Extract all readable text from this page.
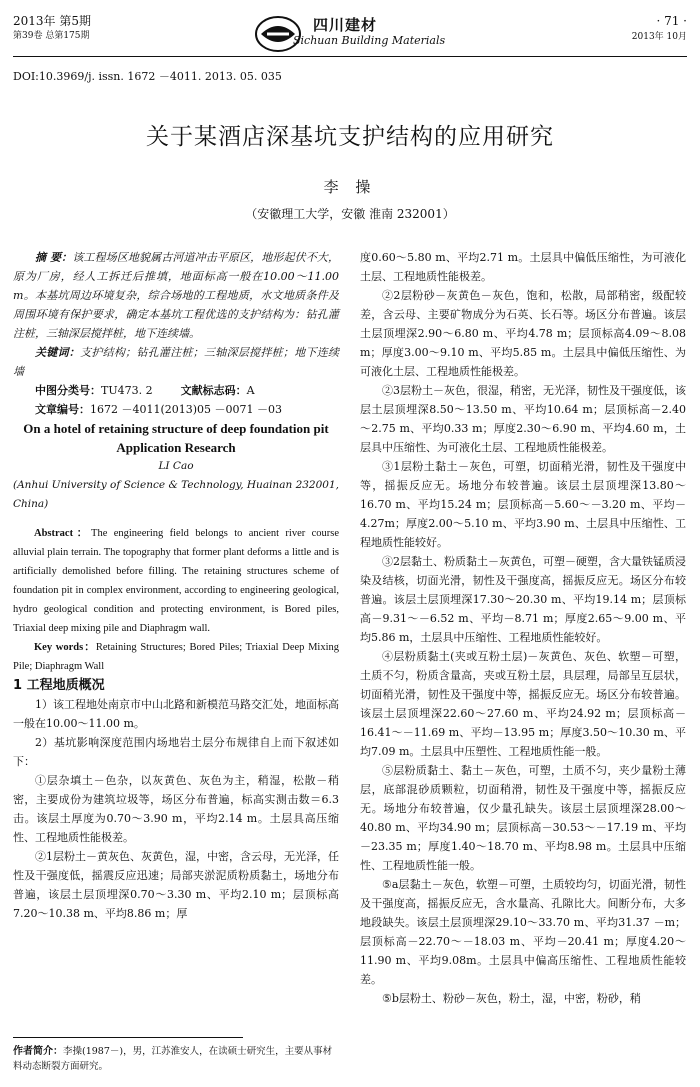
2013年 第5期
第39卷 总第175期
四川建材
Sichuan Building Materials
· 71 ·
2013年 10月
DOI:10.3969/j. issn. 1672 －4011. 2013. 05. 035
关于某酒店深基坑支护结构的应用研究
李 操
（安徽理工大学，安徽 淮南 232001）

摘 要：该工程场区地貌属古河道冲击平原区，地形起伏不大，原为厂房，经人工拆迁后推填，地面标高一般在10.00～11.00 m。本基坑周边环境复杂，综合场地的工程地质，水文地质条件及周围环境有保护要求，确定本基坑工程优选的支护结构为：钻孔灌注桩，三轴深层搅拌桩，地下连续墙。

关键词：支护结构；钻孔灌注桩；三轴深层搅拌桩；地下连续墙

中图分类号：TU473. 2	文献标志码：A

文章编号：1672 －4011(2013)05 －0071 －03

On a hotel of retaining structure of deep foundation pit Application Research

LI Cao

(Anhui University of Science & Technology, Huainan 232001, China)

Abstract：The engineering field belongs to ancient river course alluvial plain terrain. The topography that former plant deforms a little and is artificially demolished before filling. The retaining structures scheme of foundation pit in complex environment, according to engineering geological, hydro geological condition and protecting environment, is Bored piles, Triaxial deep mixing pile and Diaphragm wall.

Key words：Retaining Structures; Bored Piles; Triaxial Deep Mixing Pile; Diaphragm Wall

1 工程地质概况

1）该工程地处南京市中山北路和新模范马路交汇处，地面标高一般在10.00～11.00 m。

2）基坑影响深度范围内场地岩土层分布规律自上而下叙述如下：

①层杂填土－色杂，以灰黄色、灰色为主，稍湿，松散－稍密，主要成份为建筑垃圾等，场区分布普遍，标高实测击数＝6.3击。该层土厚度为0.70～3.90 m，平均2.14 m。土层具高压缩性、工程地质性能极差。

②1层粉土－黄灰色、灰黄色，湿，中密，含云母，无光泽，任性及干强度低，摇震反应迅速；局部夹淤泥质粉质黏土，场地分布普遍，该层土层顶埋深0.70～3.30 m、平均2.10 m；层顶标高7.20～10.38 m、平均8.86 m；厚

度0.60～5.80 m、平均2.71 m。土层具中偏低压缩性，为可液化土层、工程地质性能极差。

②2层粉砂－灰黄色－灰色，饱和，松散，局部稍密，级配较差，含云母、主要矿物成分为石英、长石等。场区分布普遍。该层土层顶埋深2.90～6.80 m、平均4.78 m；层顶标高4.09～8.08 m；厚度3.00～9.10 m、平均5.85 m。土层具中偏低压缩性、为可液化土层、工程地质性能极差。

②3层粉土－灰色，很湿，稍密，无光泽，韧性及干强度低，该层土层顶埋深8.50～13.50 m、平均10.64 m；层顶标高－2.40～2.75 m、平均0.33 m；厚度2.30～6.90 m、平均4.60 m，土层具中压缩性、为可液化土层、工程地质性能极差。

③1层粉土黏土－灰色，可塑，切面稍光滑，韧性及干强度中等，摇振反应无。场地分布较普遍。该层土层顶埋深13.80～16.70 m、平均15.24 m；层顶标高－5.60～－3.20 m、平均－4.27m；厚度2.00～5.10 m、平均3.90 m、土层具中压缩性、工程地质性能较好。

③2层黏土、粉质黏土－灰黄色，可塑－硬塑，含大量铁锰质浸染及结核，切面光滑，韧性及干强度高，摇振反应无。场区分布较普遍。该层土层顶埋深17.30～20.30 m、平均19.14 m；层顶标高－9.31～－6.52 m、平均－8.71 m；厚度2.65～9.00 m、平均5.86 m，土层具中压缩性、工程地质性能较好。

④层粉质黏土(夹或互粉土层)－灰黄色、灰色、软塑－可塑，土质不匀，粉质含量高，夹或互粉土层，具层理，局部呈互层状，切面稍光滑，韧性及干强度中等，摇振反应无。场区分布较普遍。该层土层顶埋深22.60～27.60 m、平均24.92 m；层顶标高－16.41～－11.69 m、平均－13.95 m；厚度3.50～10.30 m、平均7.09 m。土层具中压塑性、工程地质性能一般。

⑤层粉质黏土、黏土－灰色，可塑，土质不匀，夹少量粉土薄层，底部混砂质颗粒，切面稍滑，韧性及干强度中等，摇振反应无。场地分布较普遍，仅少量孔缺失。该层土层顶埋深28.00～40.80 m、平均34.90 m；层顶标高－30.53～－17.19 m、平均－23.35 m；厚度1.40～18.70 m、平均8.98 m。土层具中压缩性、工程地质性能一般。

⑤a层黏土－灰色，软塑－可塑，土质较均匀，切面光滑，韧性及干强度高，摇振反应无，含水量高、孔隙比大。间断分布，大多地段缺失。该层土层顶埋深29.10～33.70 m、平均31.37 －m；层顶标高－22.70～－18.03 m、平均－20.41 m；厚度4.20～11.90 m、平均9.08m。土层具中偏高压缩性、工程地质性能较差。

⑤b层粉土、粉砂－灰色，粉土，湿，中密，粉砂，稍

作者简介：李操(1987－)，男，江苏淮安人，在读硕士研究生，主要从事材料动态断裂方面研究。
